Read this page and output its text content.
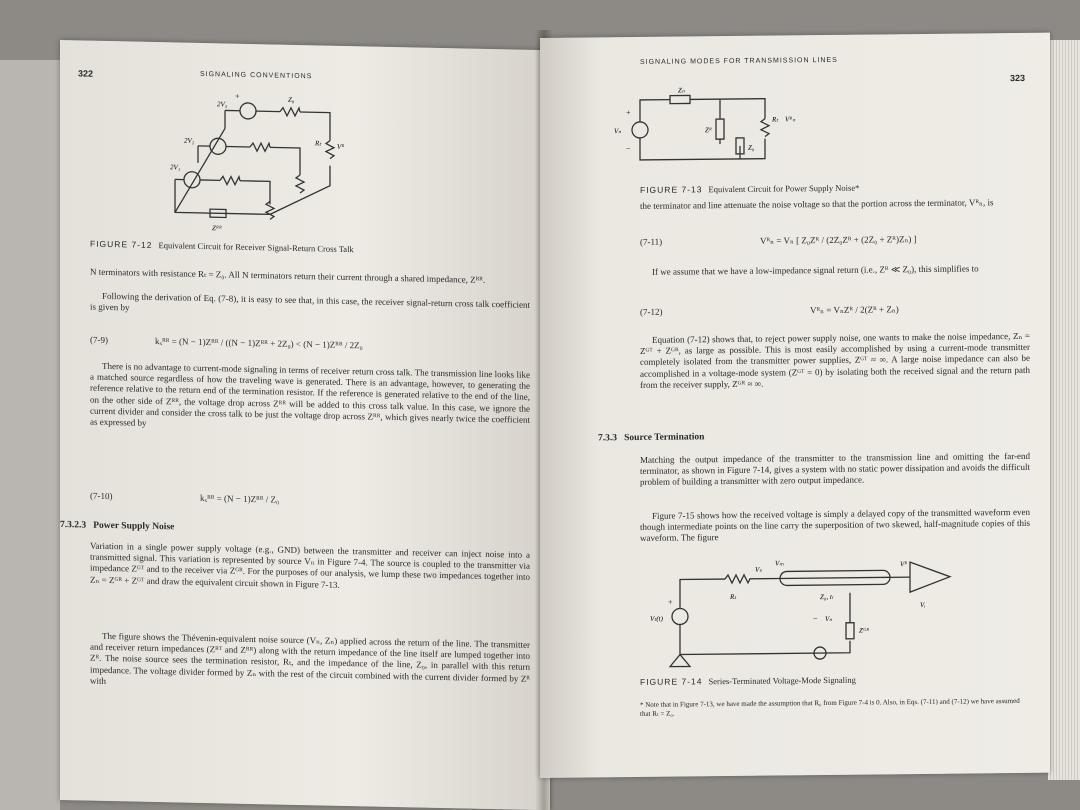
322	SIGNALING CONVENTIONS
+	Z₀
2V₃
Vᴿ
Rₜ
2V₂
2V₁
Zᴿᴿ
FIGURE 7-12 Equivalent Circuit for Receiver Signal-Return Cross Talk
N terminators with resistance Rₜ = Z₀. All N terminators return their current through a shared impedance, Zᴿᴿ.
Following the derivation of Eq. (7-8), it is easy to see that, in this case, the receiver signal-return cross talk coefficient is given by
(7-9)	kₓᴿᴿ = (N − 1)Zᴿᴿ / ((N − 1)Zᴿᴿ + 2Z₀) < (N − 1)Zᴿᴿ / 2Z₀
There is no advantage to current-mode signaling in terms of receiver return cross talk. The transmission line looks like a matched source regardless of how the traveling wave is generated. There is an advantage, however, to generating the reference relative to the return end of the termination resistor. If the reference is generated relative to the end of the line, on the other side of Zᴿᴿ, the voltage drop across Zᴿᴿ will be added to this cross talk value. In this case, we ignore the current divider and consider the cross talk to be just the voltage drop across Zᴿᴿ, which gives nearly twice the coefficient as expressed by
(7-10)	kₓᴿᴿ = (N − 1)Zᴿᴿ / Z₀
7.3.2.3 Power Supply Noise
Variation in a single power supply voltage (e.g., GND) between the transmitter and receiver can inject noise into a transmitted signal. This variation is represented by source Vₙ in Figure 7-4. The source is coupled to the transmitter via impedance Zᴳᵀ and to the receiver via Zᴳᴿ. For the purposes of our analysis, we lump these two impedances together into Zₙ = Zᴳᴿ + Zᴳᵀ and draw the equivalent circuit shown in Figure 7-13.
The figure shows the Thévenin-equivalent noise source (Vₙ, Zₙ) applied across the return of the line. The transmitter and receiver return impedances (Zᴿᵀ and Zᴿᴿ) along with the return impedance of the line itself are lumped together into Zᴿ. The noise source sees the termination resistor, Rₜ, and the impedance of the line, Z₀, in parallel with this return impedance. The voltage divider formed by Zₙ with the rest of the circuit combined with the current divider formed by Zᴿ with
SIGNALING MODES FOR TRANSMISSION LINES
323
Zₙ
Vₙ	Zᴿ
Rₜ Vᴿₙ
Z₀
+
−
FIGURE 7-13 Equivalent Circuit for Power Supply Noise*
the terminator and line attenuate the noise voltage so that the portion across the terminator, Vᴿₙ, is
(7-11)	Vᴿₙ = Vₙ [ Z₀Zᴿ / (2Z₀Zᴿ + (2Z₀ + Zᴿ)Zₙ) ]
If we assume that we have a low-impedance signal return (i.e., Zᴿ ≪ Z₀), this simplifies to
(7-12)	Vᴿₙ = VₙZᴿ / 2(Zᴿ + Zₙ)
Equation (7-12) shows that, to reject power supply noise, one wants to make the noise impedance, Zₙ = Zᴳᵀ + Zᴳᴿ, as large as possible. This is most easily accomplished by using a current-mode transmitter completely isolated from the transmitter power supplies, Zᴳᵀ ≈ ∞. A large noise impedance can also be accomplished in a voltage-mode system (Zᴳᵀ = 0) by isolating both the received signal and the return path from the receiver supply, Zᴳᴿ ≈ ∞.
7.3.3 Source Termination
Matching the output impedance of the transmitter to the transmission line and omitting the far-end terminator, as shown in Figure 7-14, gives a system with no static power dissipation and avoids the difficult problem of building a transmitter with zero output impedance.
Figure 7-15 shows how the received voltage is simply a delayed copy of the transmitted waveform even though intermediate points on the line carry the superposition of two skewed, half-magnitude copies of this waveform. The figure
Vₘ
Vₛ
Vᴿ
Rₜ	Z₀, tₗ
Vₜ(t)	Vₙ
Zᴳᴿ
Vᵢ
+
−
FIGURE 7-14 Series-Terminated Voltage-Mode Signaling
* Note that in Figure 7-13, we have made the assumption that R₀ from Figure 7-4 is 0. Also, in Eqs. (7-11) and (7-12) we have assumed that Rₜ = Z₀.
